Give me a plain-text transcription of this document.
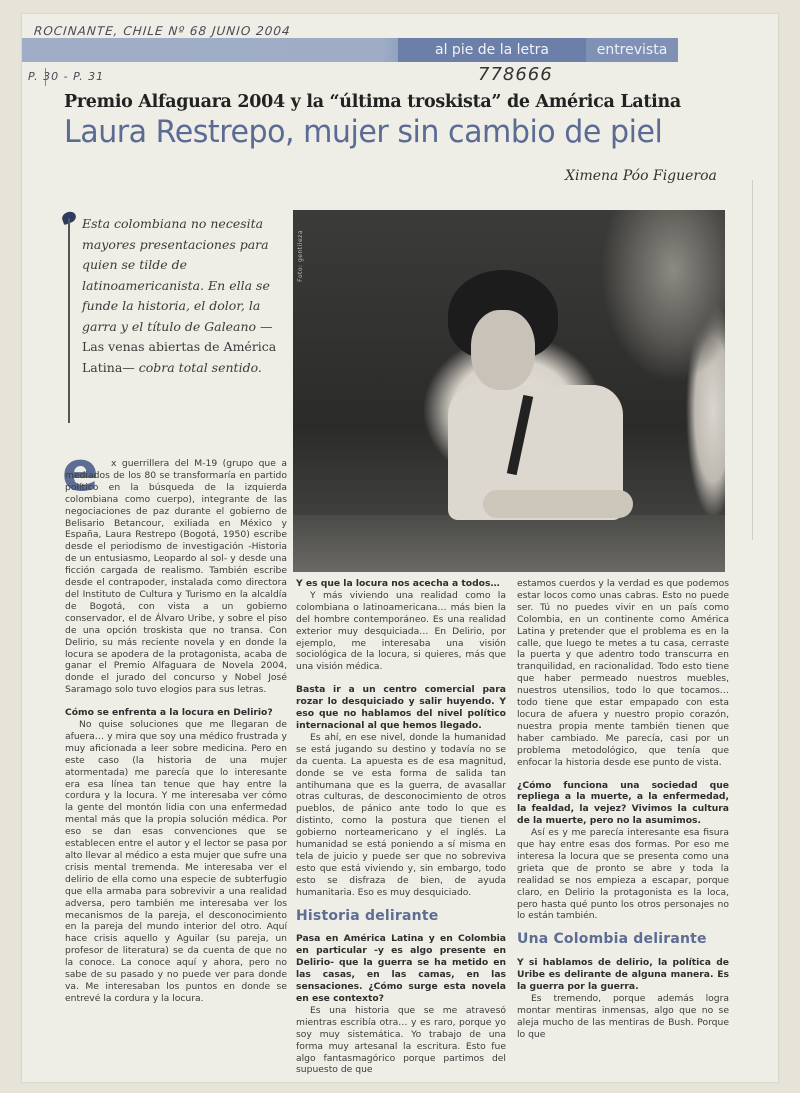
ROCINANTE, CHILE Nº 68 JUNIO 2004
al pie de la letra	entrevista
P. 30 - P. 31	778666
Premio Alfaguara 2004 y la “última troskista” de América Latina
Laura Restrepo, mujer sin cambio de piel
Ximena Póo Figueroa
Esta colombiana no necesita mayores presentaciones para quien se tilde de latinoamericanista. En ella se funde la historia, el dolor, la garra y el título de Galeano —Las venas abiertas de América Latina— cobra total sentido.
Foto: gentileza
e	x guerrillera del M-19 (grupo que a mediados de los 80 se transformaría en partido político en la búsqueda de la izquierda colombiana como cuerpo), integrante de las negociaciones de paz durante el gobierno de Belisario Betancour, exiliada en México y España, Laura Restrepo (Bogotá, 1950) escribe desde el periodismo de investigación -Historia de un entusiasmo, Leopardo al sol- y desde una ficción cargada de realismo. También escribe desde el contrapoder, instalada como directora del Instituto de Cultura y Turismo en la alcaldía de Bogotá, con vista a un gobierno conservador, el de Álvaro Uribe, y sobre el piso de una opción troskista que no transa. Con Delirio, su más reciente novela y en donde la locura se apodera de la protagonista, acaba de ganar el Premio Alfaguara de Novela 2004, donde el jurado del concurso y Nobel José Saramago solo tuvo elogios para sus letras.

Cómo se enfrenta a la locura en Delirio?

No quise soluciones que me llegaran de afuera… y mira que soy una médico frustrada y muy aficionada a leer sobre medicina. Pero en este caso (la historia de una mujer atormentada) me parecía que lo interesante era esa línea tan tenue que hay entre la cordura y la locura. Y me interesaba ver cómo la gente del montón lidia con una enfermedad mental más que la propia solución médica. Por eso se dan esas convenciones que se establecen entre el autor y el lector se pasa por alto llevar al médico a esta mujer que sufre una crisis mental tremenda. Me interesaba ver el delirio de ella como una especie de subterfugio que ella armaba para sobrevivir a una realidad adversa, pero también me interesaba ver los mecanismos de la pareja, el desconocimiento en la pareja del mundo interior del otro. Aquí hace crisis aquello y Aguilar (su pareja, un profesor de literatura) se da cuenta de que no la conoce. La conoce aquí y ahora, pero no sabe de su pasado y no puede ver para donde va. Me interesaban los puntos en donde se entrevé la cordura y la locura.

Y es que la locura nos acecha a todos…

Y más viviendo una realidad como la colombiana o latinoamericana… más bien la del hombre contemporáneo. Es una realidad exterior muy desquiciada… En Delirio, por ejemplo, me interesaba una visión sociológica de la locura, si quieres, más que una visión médica.

Basta ir a un centro comercial para rozar lo desquiciado y salir huyendo. Y eso que no hablamos del nivel político internacional al que hemos llegado.

Es ahí, en ese nivel, donde la humanidad se está jugando su destino y todavía no se da cuenta. La apuesta es de esa magnitud, donde se ve esta forma de salida tan antihumana que es la guerra, de avasallar otras culturas, de desconocimiento de otros pueblos, de pánico ante todo lo que es distinto, como la postura que tienen el gobierno norteamericano y el inglés. La humanidad se está poniendo a sí misma en tela de juicio y puede ser que no sobreviva esto que está viviendo y, sin embargo, todo esto se disfraza de bien, de ayuda humanitaria. Eso es muy desquiciado.

Historia delirante

Pasa en América Latina y en Colombia en particular -y es algo presente en Delirio- que la guerra se ha metido en las casas, en las camas, en las sensaciones. ¿Cómo surge esta novela en ese contexto?

Es una historia que se me atravesó mientras escribía otra… y es raro, porque yo soy muy sistemática. Yo trabajo de una forma muy artesanal la escritura. Esto fue algo fantasmagórico porque partimos del supuesto de que

estamos cuerdos y la verdad es que podemos estar locos como unas cabras. Esto no puede ser. Tú no puedes vivir en un país como Colombia, en un continente como América Latina y pretender que el problema es en la calle, que luego te metes a tu casa, cerraste la puerta y que adentro todo transcurra en tranquilidad, en racionalidad. Todo esto tiene que haber permeado nuestros muebles, nuestros utensilios, todo lo que tocamos… todo tiene que estar empapado con esta locura de afuera y nuestro propio corazón, nuestra propia mente también tienen que haber cambiado. Me parecía, casi por un problema metodológico, que tenía que enfocar la historia desde ese punto de vista.

¿Cómo funciona una sociedad que repliega a la muerte, a la enfermedad, la fealdad, la vejez? Vivimos la cultura de la muerte, pero no la asumimos.

Así es y me parecía interesante esa fisura que hay entre esas dos formas. Por eso me interesa la locura que se presenta como una grieta que de pronto se abre y toda la realidad se nos empieza a escapar, porque claro, en Delirio la protagonista es la loca, pero hasta qué punto los otros personajes no lo están también.

Una Colombia delirante

Y si hablamos de delirio, la política de Uribe es delirante de alguna manera. Es la guerra por la guerra.

Es tremendo, porque además logra montar mentiras inmensas, algo que no se aleja mucho de las mentiras de Bush. Porque lo que
